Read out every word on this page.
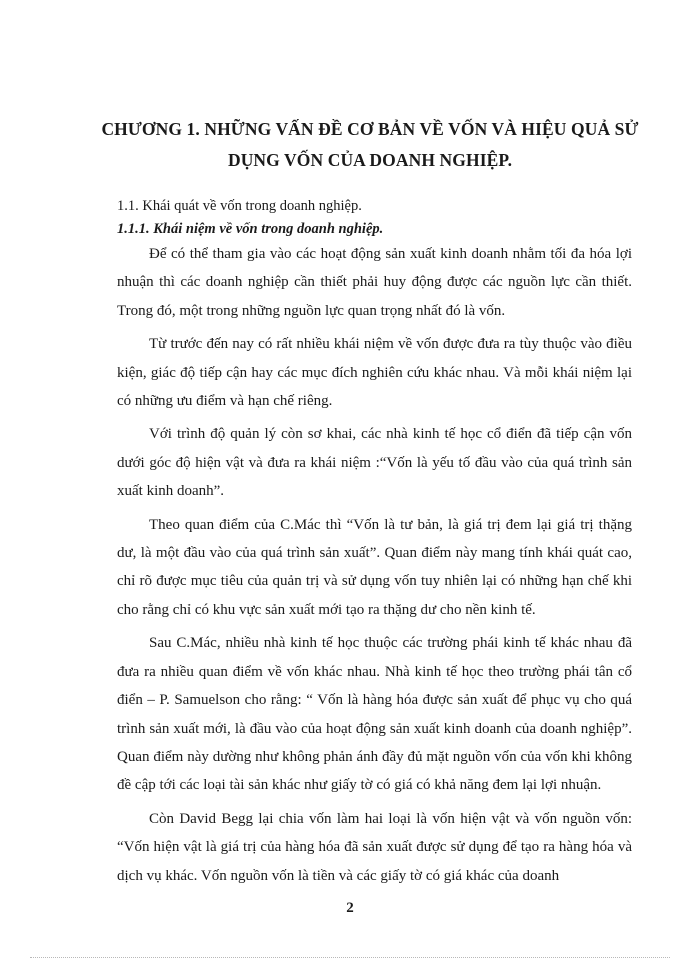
CHƯƠNG 1. NHỮNG VẤN ĐỀ CƠ BẢN VỀ VỐN VÀ HIỆU QUẢ SỬ DỤNG VỐN CỦA DOANH NGHIỆP.
1.1. Khái quát về vốn trong doanh nghiệp.
1.1.1. Khái niệm về vốn trong doanh nghiệp.

Để có thể tham gia vào các hoạt động sản xuất kinh doanh nhằm tối đa hóa lợi nhuận thì các doanh nghiệp cần thiết phải huy động được các nguồn lực cần thiết. Trong đó, một trong những nguồn lực quan trọng nhất đó là vốn.

Từ trước đến nay có rất nhiều khái niệm về vốn được đưa ra tùy thuộc vào điều kiện, giác độ tiếp cận hay các mục đích nghiên cứu khác nhau. Và mỗi khái niệm lại có những ưu điểm và hạn chế riêng.

Với trình độ quản lý còn sơ khai, các nhà kinh tế học cổ điển đã tiếp cận vốn dưới góc độ hiện vật và đưa ra khái niệm :“Vốn là yếu tố đầu vào của quá trình sản xuất kinh doanh”.

Theo quan điểm của C.Mác thì “Vốn là tư bản, là giá trị đem lại giá trị thặng dư, là một đầu vào của quá trình sản xuất”. Quan điểm này mang tính khái quát cao, chỉ rõ được mục tiêu của quản trị và sử dụng vốn tuy nhiên lại có những hạn chế khi cho rằng chỉ có khu vực sản xuất mới tạo ra thặng dư cho nền kinh tế.

Sau C.Mác, nhiều nhà kinh tế học thuộc các trường phái kinh tế khác nhau đã đưa ra nhiều quan điểm về vốn khác nhau. Nhà kinh tế học theo trường phái tân cổ điển – P. Samuelson cho rằng: “ Vốn là hàng hóa được sản xuất để phục vụ cho quá trình sản xuất mới, là đầu vào của hoạt động sản xuất kinh doanh của doanh nghiệp”. Quan điểm này dường như không phản ánh đầy đủ mặt nguồn vốn của vốn khi không đề cập tới các loại tài sản khác như giấy tờ có giá có khả năng đem lại lợi nhuận.

Còn David Begg lại chia vốn làm hai loại là vốn hiện vật và vốn nguồn vốn: “Vốn hiện vật là giá trị của hàng hóa đã sản xuất được sử dụng để tạo ra hàng hóa và dịch vụ khác. Vốn nguồn vốn là tiền và các giấy tờ có giá khác của doanh

2
